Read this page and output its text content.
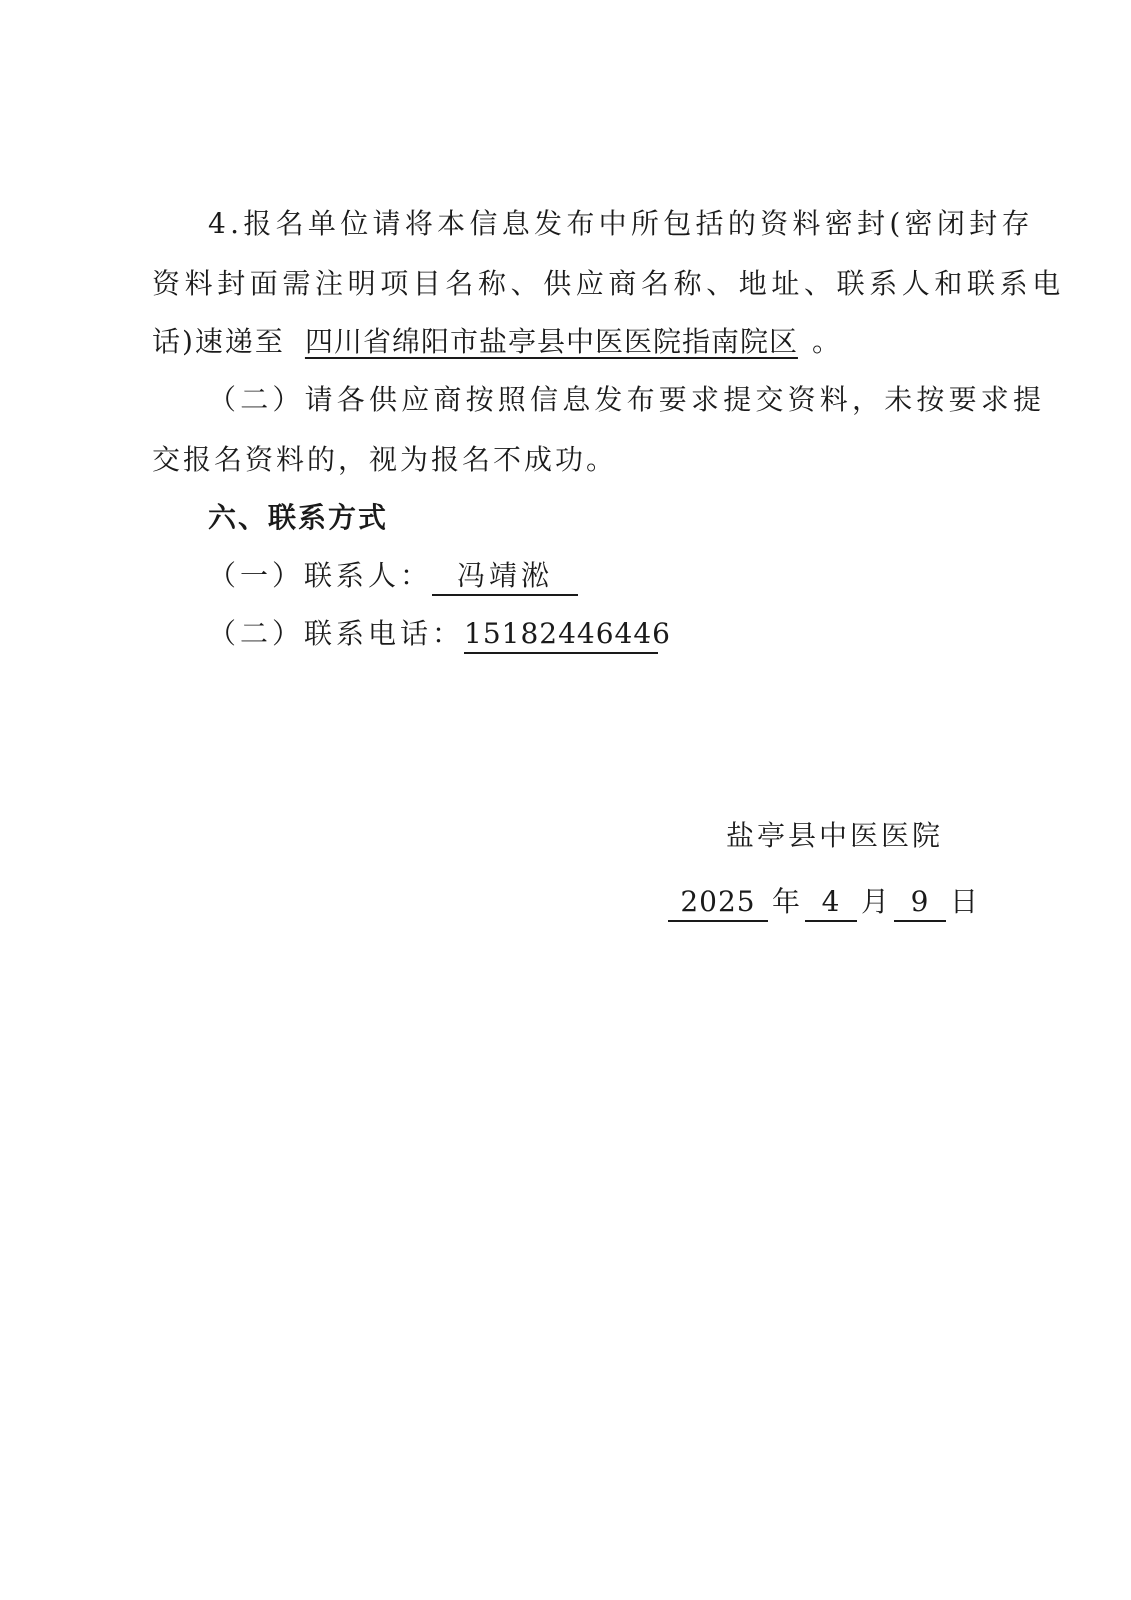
4.报名单位请将本信息发布中所包括的资料密封(密闭封存
资料封面需注明项目名称、供应商名称、地址、联系人和联系电
话)速递至 四川省绵阳市盐亭县中医医院指南院区 。
（二）请各供应商按照信息发布要求提交资料，未按要求提
交报名资料的，视为报名不成功。
六、联系方式
（一）联系人： 冯靖淞
（二）联系电话：15182446446
盐亭县中医医院
2025 年 4 月 9 日
